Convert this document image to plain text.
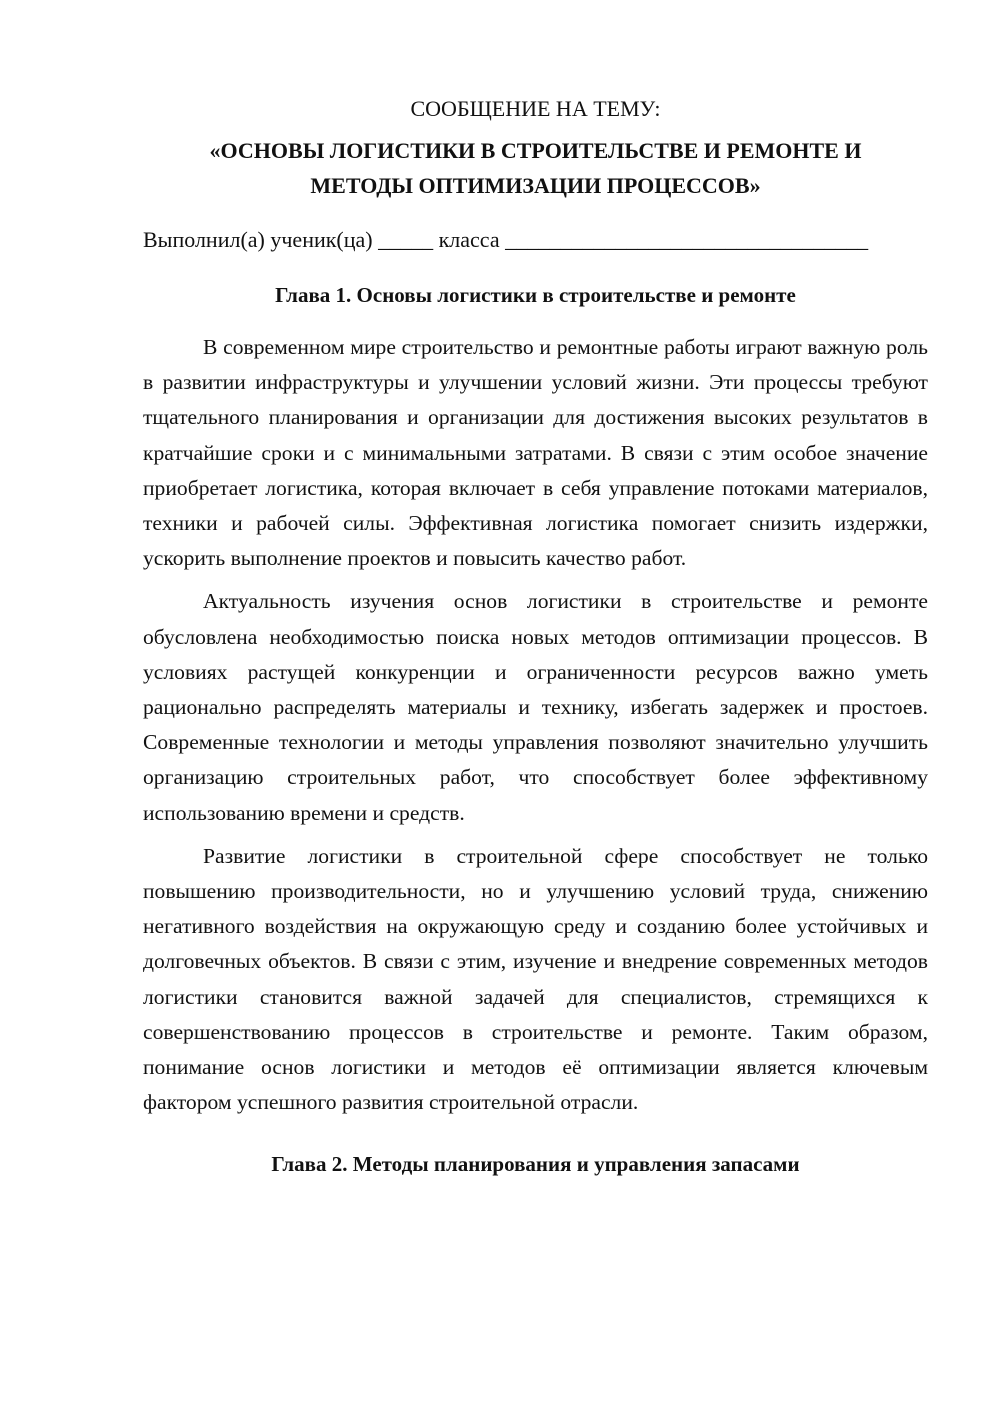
СООБЩЕНИЕ НА ТЕМУ:

«ОСНОВЫ ЛОГИСТИКИ В СТРОИТЕЛЬСТВЕ И РЕМОНТЕ И
МЕТОДЫ ОПТИМИЗАЦИИ ПРОЦЕССОВ»

Выполнил(а) ученик(ца) _____ класса _________________________________

Глава 1. Основы логистики в строительстве и ремонте

В современном мире строительство и ремонтные работы играют важную роль в развитии инфраструктуры и улучшении условий жизни. Эти процессы требуют тщательного планирования и организации для достижения высоких результатов в кратчайшие сроки и с минимальными затратами. В связи с этим особое значение приобретает логистика, которая включает в себя управление потоками материалов, техники и рабочей силы. Эффективная логистика помогает снизить издержки, ускорить выполнение проектов и повысить качество работ.

Актуальность изучения основ логистики в строительстве и ремонте обусловлена необходимостью поиска новых методов оптимизации процессов. В условиях растущей конкуренции и ограниченности ресурсов важно уметь рационально распределять материалы и технику, избегать задержек и простоев. Современные технологии и методы управления позволяют значительно улучшить организацию строительных работ, что способствует более эффективному использованию времени и средств.

Развитие логистики в строительной сфере способствует не только повышению производительности, но и улучшению условий труда, снижению негативного воздействия на окружающую среду и созданию более устойчивых и долговечных объектов. В связи с этим, изучение и внедрение современных методов логистики становится важной задачей для специалистов, стремящихся к совершенствованию процессов в строительстве и ремонте. Таким образом, понимание основ логистики и методов её оптимизации является ключевым фактором успешного развития строительной отрасли.

Глава 2. Методы планирования и управления запасами
